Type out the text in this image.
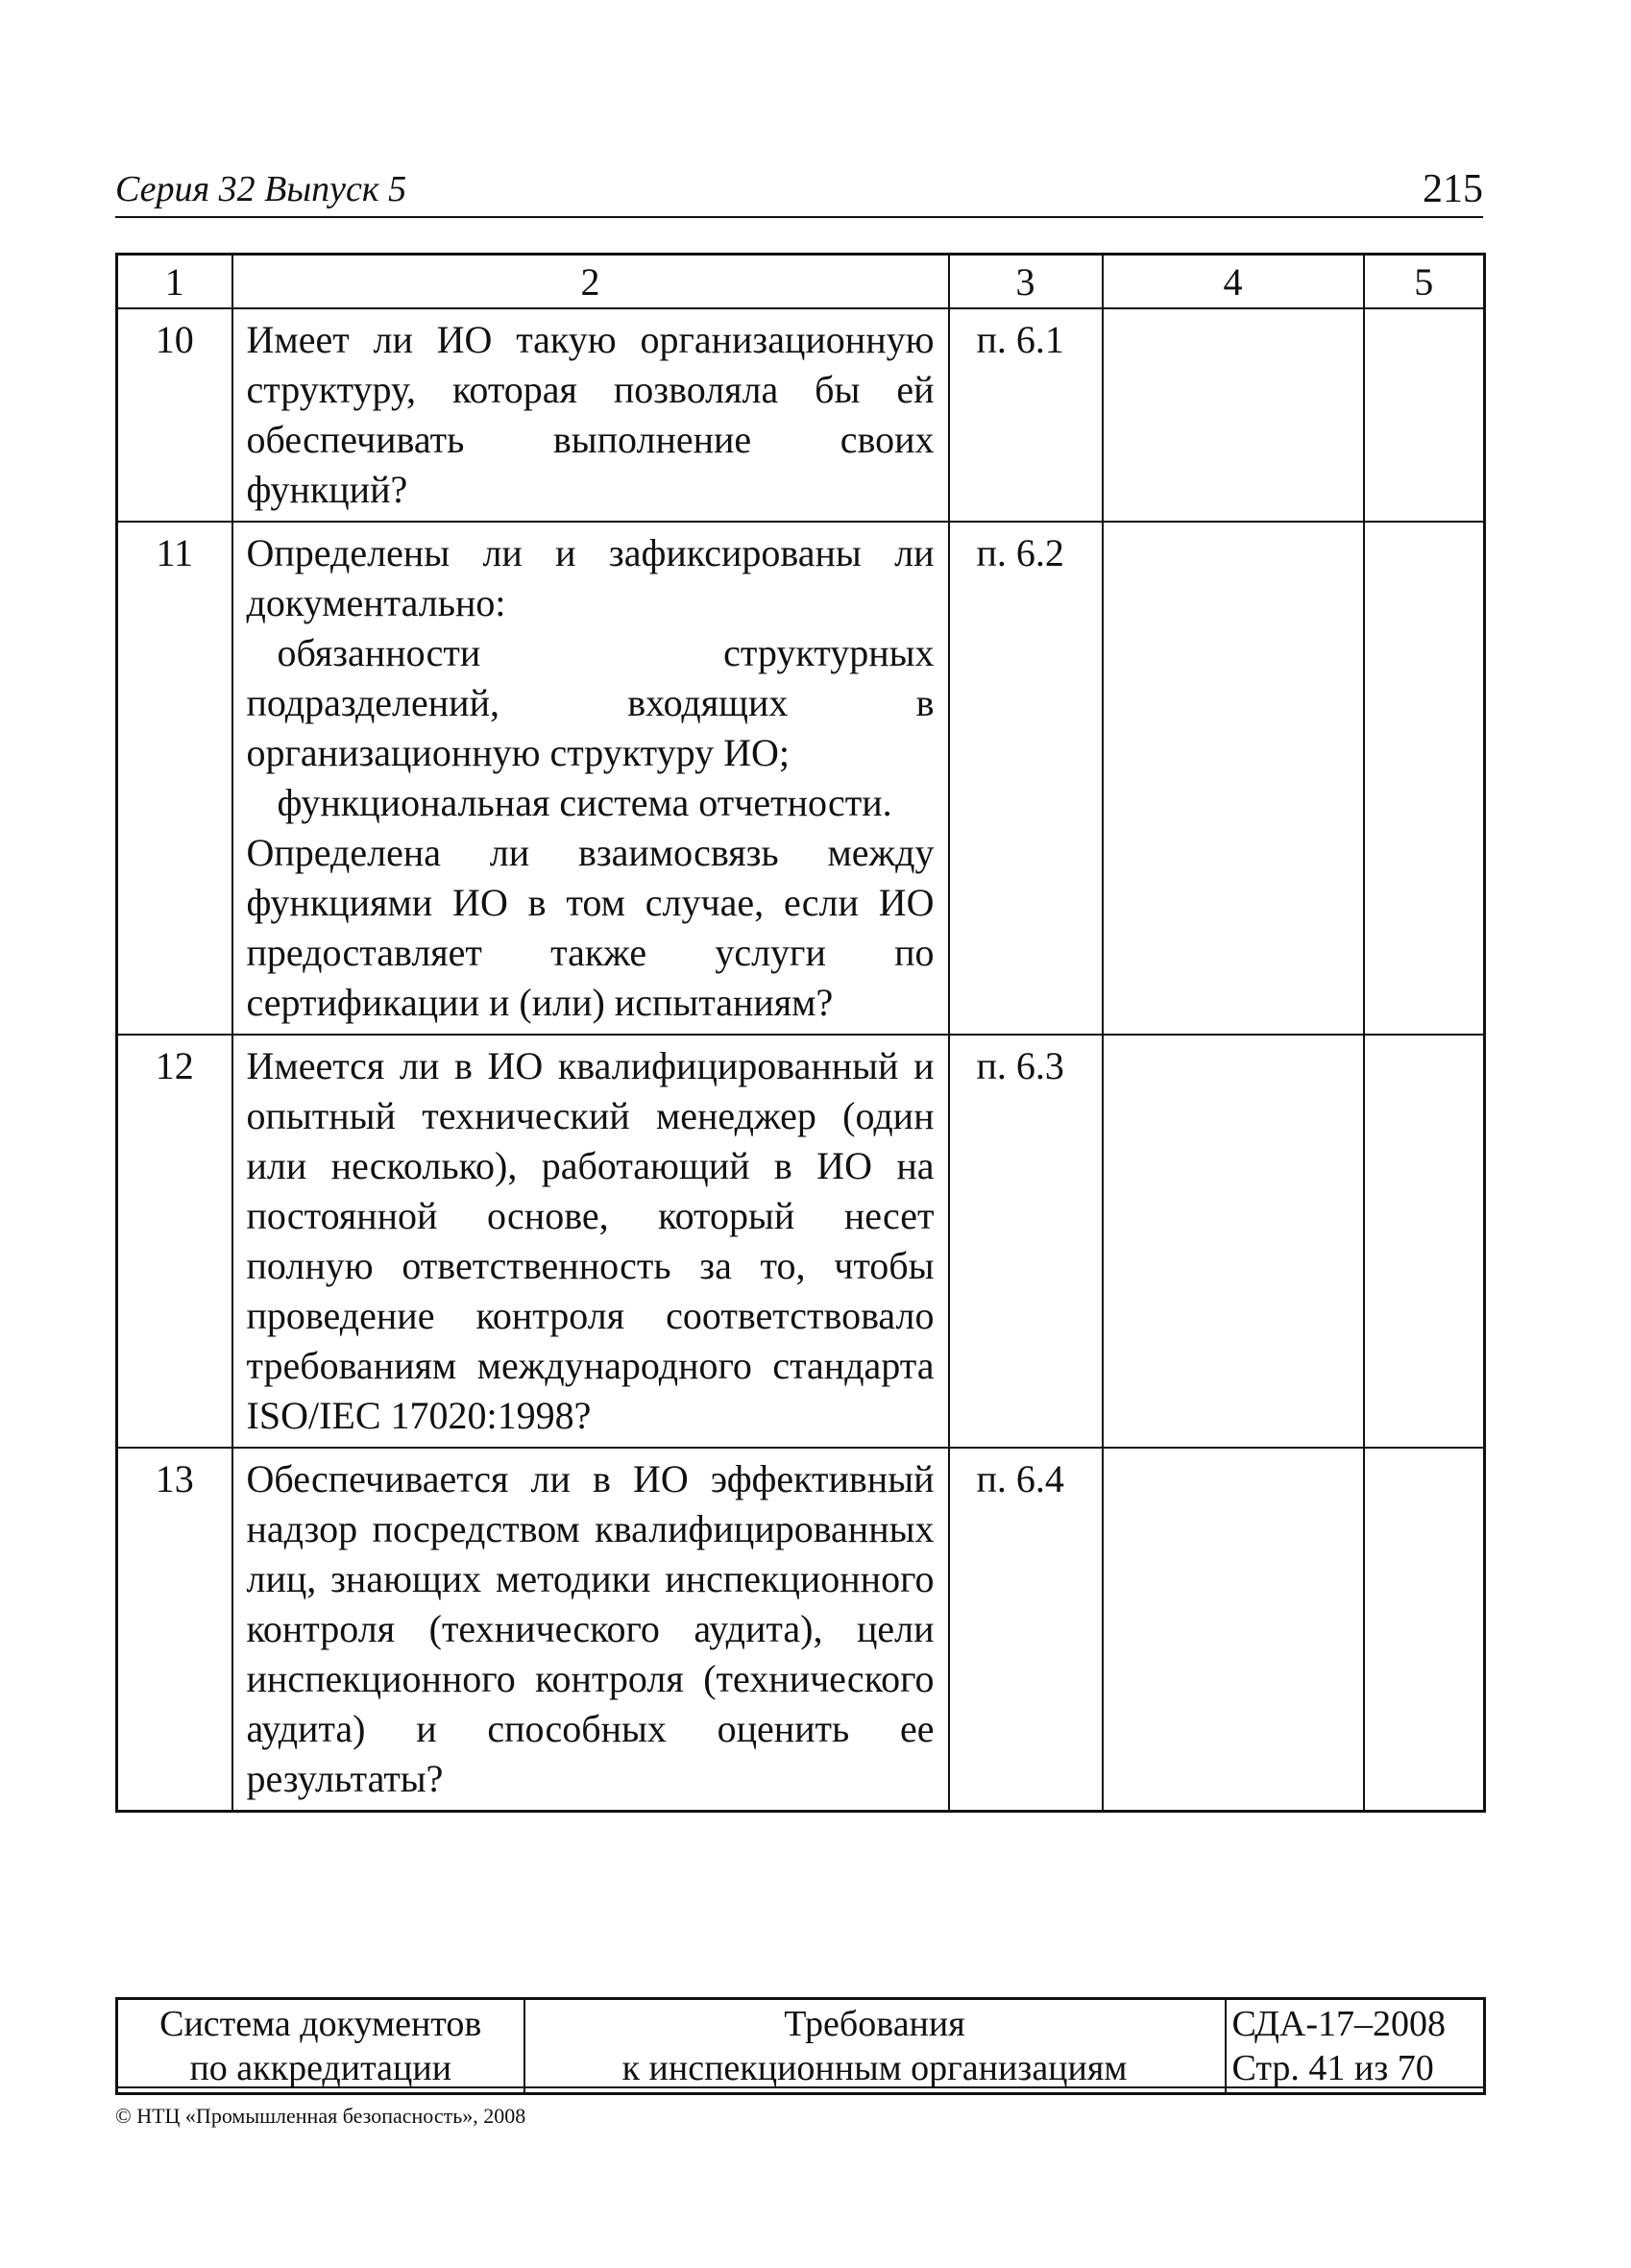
Серия 32 Выпуск 5	215
1	2	3	4	5
10	Имеет ли ИО такую организационную структуру, которая позволяла бы ей обеспечивать выполнение своих функций?	п. 6.1		
11	Определены ли и зафиксированы ли документально:

обязанности структурных подразделений, входящих в организационную структуру ИО;

функциональная система отчетности.

Определена ли взаимосвязь между функциями ИО в том случае, если ИО предоставляет также услуги по сертификации и (или) испытаниям?	п. 6.2		
12	Имеется ли в ИО квалифицированный и опытный технический менеджер (один или несколько), работающий в ИО на постоянной основе, который несет полную ответственность за то, чтобы проведение контроля соответствовало требованиям международного стандарта ISO/IEC 17020:1998?	п. 6.3		
13	Обеспечивается ли в ИО эффективный надзор посредством квалифицированных лиц, знающих методики инспекционного контроля (технического аудита), цели инспекционного контроля (технического аудита) и способных оценить ее результаты?	п. 6.4		
Система документов
по аккредитации

Требования
к инспекционным организациям

СДА-17–2008
Стр. 41 из 70
© НТЦ «Промышленная безопасность», 2008
